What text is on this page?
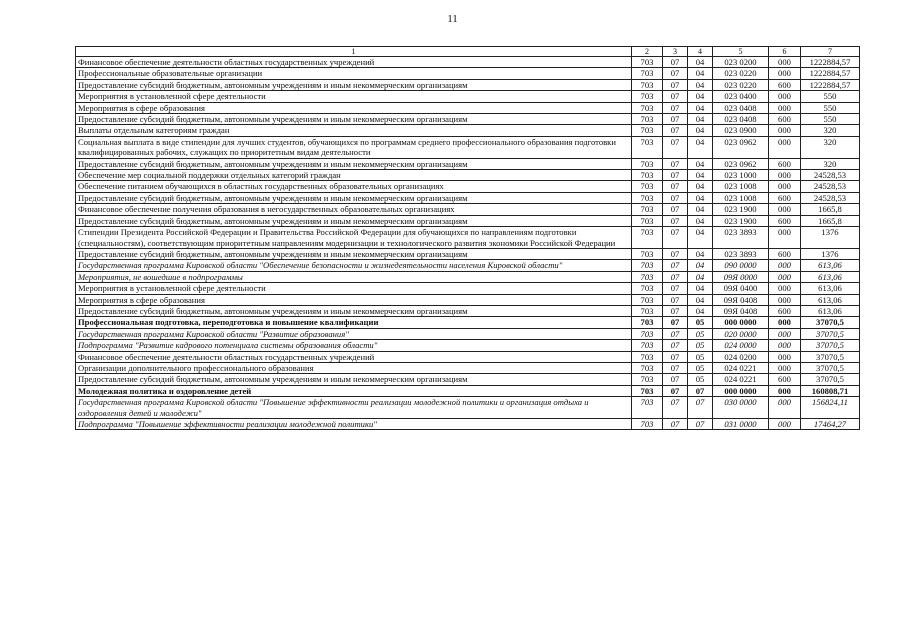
11
1	2	3	4	5	6	7
Финансовое обеспечение деятельности областных государственных учреждений	703	07	04	023 0200	000	1222884,57
Профессиональные образовательные организации	703	07	04	023 0220	000	1222884,57
Предоставление субсидий бюджетным, автономным учреждениям и иным некоммерческим организациям	703	07	04	023 0220	600	1222884,57
Мероприятия в установленной сфере деятельности	703	07	04	023 0400	000	550
Мероприятия в сфере образования	703	07	04	023 0408	000	550
Предоставление субсидий бюджетным, автономным учреждениям и иным некоммерческим организациям	703	07	04	023 0408	600	550
Выплаты отдельным категориям граждан	703	07	04	023 0900	000	320
Социальная выплата в виде стипендии для лучших студентов, обучающихся по программам среднего профессионального образования подготовки квалифицированных рабочих, служащих по приоритетным видам деятельности	703	07	04	023 0962	000	320
Предоставление субсидий бюджетным, автономным учреждениям и иным некоммерческим организациям	703	07	04	023 0962	600	320
Обеспечение мер социальной поддержки отдельных категорий граждан	703	07	04	023 1000	000	24528,53
Обеспечение питанием обучающихся в областных государственных образовательных организациях	703	07	04	023 1008	000	24528,53
Предоставление субсидий бюджетным, автономным учреждениям и иным некоммерческим организациям	703	07	04	023 1008	600	24528,53
Финансовое обеспечение получения образования в негосударственных образовательных организациях	703	07	04	023 1900	000	1665,8
Предоставление субсидий бюджетным, автономным учреждениям и иным некоммерческим организациям	703	07	04	023 1900	600	1665,8
Стипендии Президента Российской Федерации и Правительства Российской Федерации для обучающихся по направлениям подготовки (специальностям), соответствующим приоритетным направлениям модернизации и технологического развития экономики Российской Федерации	703	07	04	023 3893	000	1376
Предоставление субсидий бюджетным, автономным учреждениям и иным некоммерческим организациям	703	07	04	023 3893	600	1376
Государственная программа Кировской области "Обеспечение безопасности и жизнедеятельности населения Кировской области"	703	07	04	090 0000	000	613,06
Мероприятия, не вошедшие в подпрограммы	703	07	04	09Я 0000	000	613,06
Мероприятия в установленной сфере деятельности	703	07	04	09Я 0400	000	613,06
Мероприятия в сфере образования	703	07	04	09Я 0408	000	613,06
Предоставление субсидий бюджетным, автономным учреждениям и иным некоммерческим организациям	703	07	04	09Я 0408	600	613,06
Профессиональная подготовка, переподготовка и повышение квалификации	703	07	05	000 0000	000	37070,5
Государственная программа Кировской области "Развитие образования"	703	07	05	020 0000	000	37070,5
Подпрограмма "Развитие кадрового потенциала системы образования области"	703	07	05	024 0000	000	37070,5
Финансовое обеспечение деятельности областных государственных учреждений	703	07	05	024 0200	000	37070,5
Организации дополнительного профессионального образования	703	07	05	024 0221	000	37070,5
Предоставление субсидий бюджетным, автономным учреждениям и иным некоммерческим организациям	703	07	05	024 0221	600	37070,5
Молодежная политика и оздоровление детей	703	07	07	000 0000	000	160808,71
Государственная программа Кировской области "Повышение эффективности реализации молодежной политики и организация отдыха и оздоровления детей и молодежи"	703	07	07	030 0000	000	156824,11
Подпрограмма "Повышение эффективности реализации молодежной политики"	703	07	07	031 0000	000	17464,27
